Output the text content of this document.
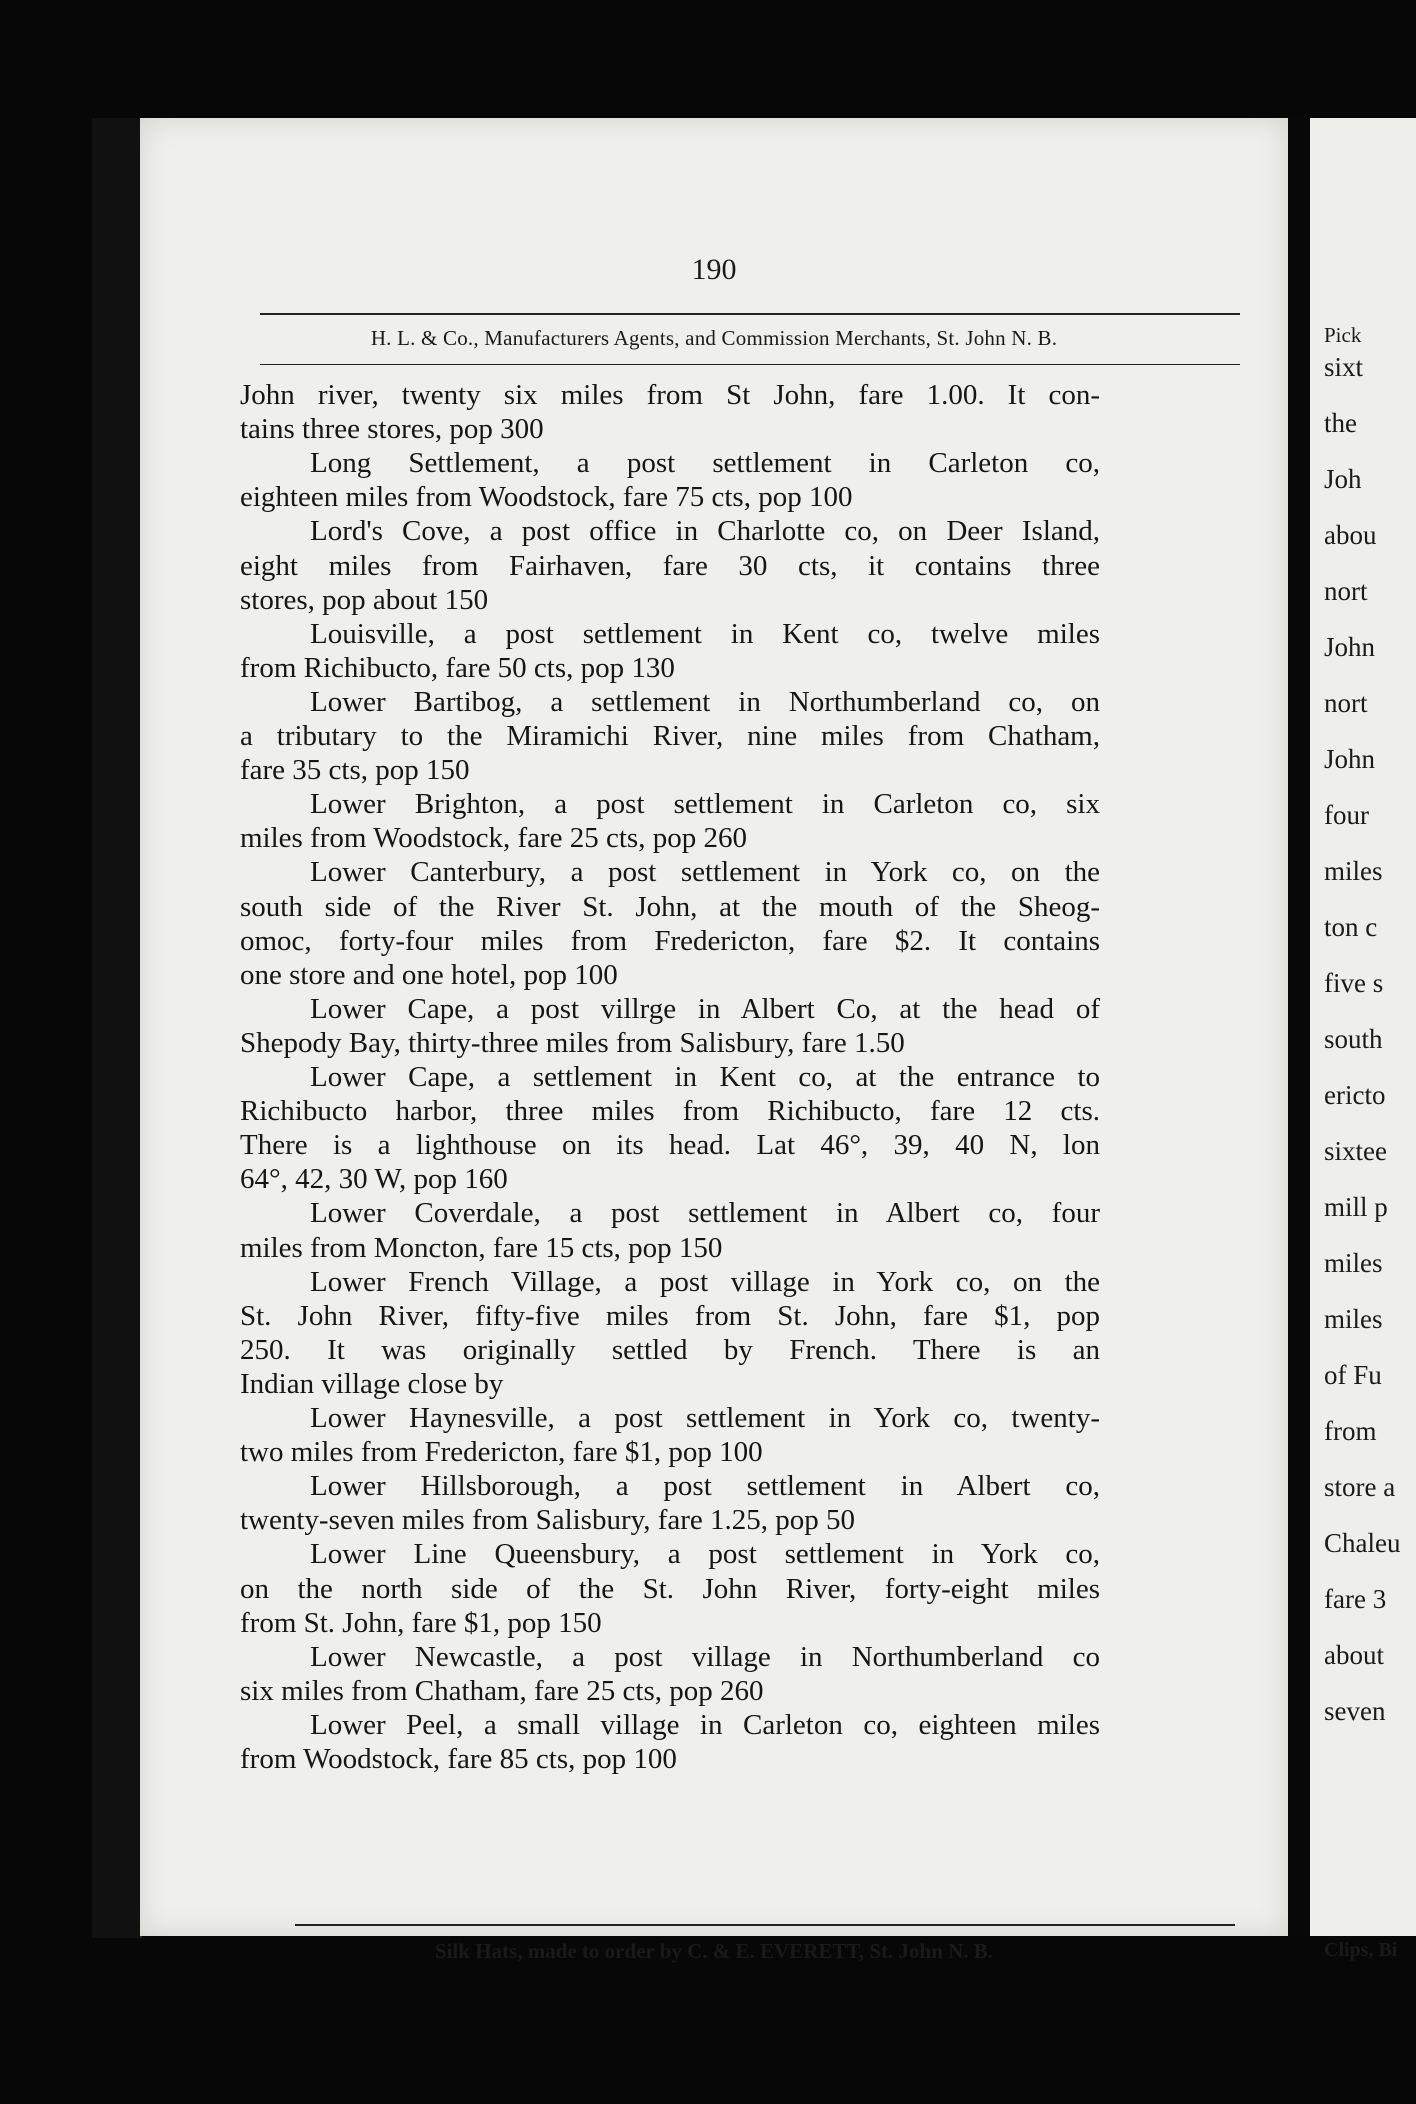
190
H. L. & Co., Manufacturers Agents, and Commission Merchants, St. John N. B.
John river, twenty six miles from St John, fare 1.00. It con-
tains three stores, pop 300
Long Settlement, a post settlement in Carleton co,
eighteen miles from Woodstock, fare 75 cts, pop 100
Lord's Cove, a post office in Charlotte co, on Deer Island,
eight miles from Fairhaven, fare 30 cts, it contains three
stores, pop about 150
Louisville, a post settlement in Kent co, twelve miles
from Richibucto, fare 50 cts, pop 130
Lower Bartibog, a settlement in Northumberland co, on
a tributary to the Miramichi River, nine miles from Chatham,
fare 35 cts, pop 150
Lower Brighton, a post settlement in Carleton co, six
miles from Woodstock, fare 25 cts, pop 260
Lower Canterbury, a post settlement in York co, on the
south side of the River St. John, at the mouth of the Sheog-
omoc, forty-four miles from Fredericton, fare $2. It contains
one store and one hotel, pop 100
Lower Cape, a post villrge in Albert Co, at the head of
Shepody Bay, thirty-three miles from Salisbury, fare 1.50
Lower Cape, a settlement in Kent co, at the entrance to
Richibucto harbor, three miles from Richibucto, fare 12 cts.
There is a lighthouse on its head. Lat 46°, 39, 40 N, lon
64°, 42, 30 W, pop 160
Lower Coverdale, a post settlement in Albert co, four
miles from Moncton, fare 15 cts, pop 150
Lower French Village, a post village in York co, on the
St. John River, fifty-five miles from St. John, fare $1, pop
250. It was originally settled by French. There is an
Indian village close by
Lower Haynesville, a post settlement in York co, twenty-
two miles from Fredericton, fare $1, pop 100
Lower Hillsborough, a post settlement in Albert co,
twenty-seven miles from Salisbury, fare 1.25, pop 50
Lower Line Queensbury, a post settlement in York co,
on the north side of the St. John River, forty-eight miles
from St. John, fare $1, pop 150
Lower Newcastle, a post village in Northumberland co
six miles from Chatham, fare 25 cts, pop 260
Lower Peel, a small village in Carleton co, eighteen miles
from Woodstock, fare 85 cts, pop 100
Silk Hats, made to order by C. & E. EVERETT, St. John N. B.
Pick
Clips, Bi
sixt
the
Joh
abou
nort
John
nort
John
four
miles
ton c
five s
south
ericto
sixtee
mill p
miles
miles
of Fu
from
store a
Chaleu
fare 3
about
seven
